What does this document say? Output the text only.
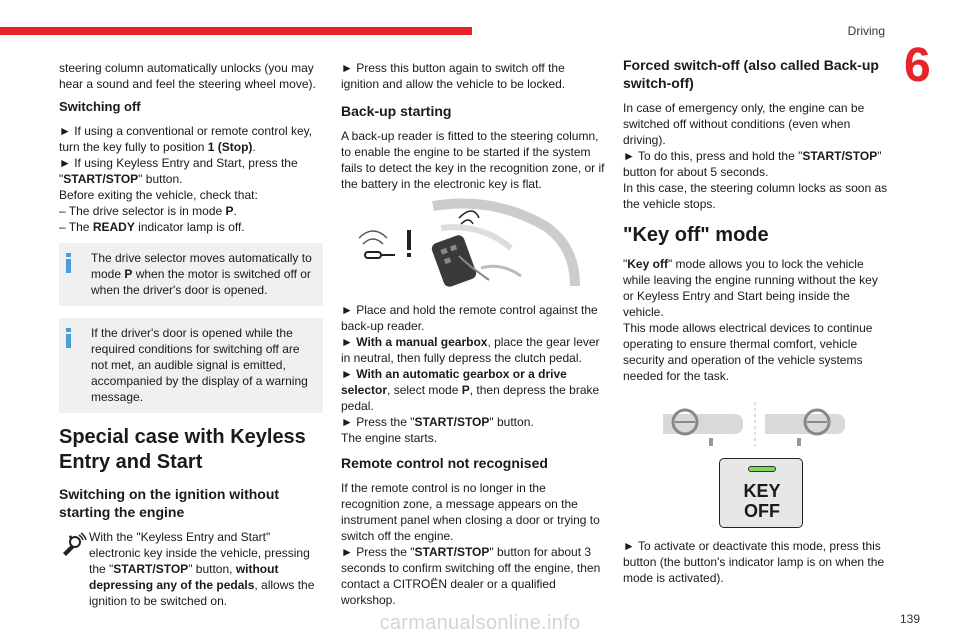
Driving
6

steering column automatically unlocks (you may hear a sound and feel the steering wheel move).

Switching off
► If using a conventional or remote control key, turn the key fully to position 1 (Stop).
► If using Keyless Entry and Start, press the
"START/STOP" button.
Before exiting the vehicle, check that:
– The drive selector is in mode P.
– The READY indicator lamp is off.
The drive selector moves automatically to mode P when the motor is switched off or when the driver's door is opened.
If the driver's door is opened while the required conditions for switching off are not met, an audible signal is emitted, accompanied by the display of a warning message.
Special case with Keyless Entry and Start
Switching on the ignition without starting the engine
With the "Keyless Entry and Start" electronic key inside the vehicle, pressing the "START/STOP" button, without depressing any of the pedals, allows the ignition to be switched on.

► Press this button again to switch off the ignition and allow the vehicle to be locked.

Back-up starting

A back-up reader is fitted to the steering column, to enable the engine to be started if the system fails to detect the key in the recognition zone, or if the battery in the electronic key is flat.

► Place and hold the remote control against the back-up reader.
► With a manual gearbox, place the gear lever in neutral, then fully depress the clutch pedal.
► With an automatic gearbox or a drive selector, select mode P, then depress the brake pedal.
► Press the "START/STOP" button.
The engine starts.
Remote control not recognised
If the remote control is no longer in the recognition zone, a message appears on the instrument panel when closing a door or trying to switch off the engine.
► Press the "START/STOP" button for about 3 seconds to confirm switching off the engine, then contact a CITROËN dealer or a qualified workshop.
Forced switch-off (also called Back-up switch-off)
In case of emergency only, the engine can be switched off without conditions (even when driving).
► To do this, press and hold the "START/STOP" button for about 5 seconds.
In this case, the steering column locks as soon as the vehicle stops.
"Key off" mode
"Key off" mode allows you to lock the vehicle while leaving the engine running without the key or Keyless Entry and Start being inside the vehicle.
This mode allows electrical devices to continue operating to ensure thermal comfort, vehicle security and operation of the vehicle systems needed for the task.
KEY
OFF

► To activate or deactivate this mode, press this button (the button's indicator lamp is on when the mode is activated).

carmanualsonline.info	139
